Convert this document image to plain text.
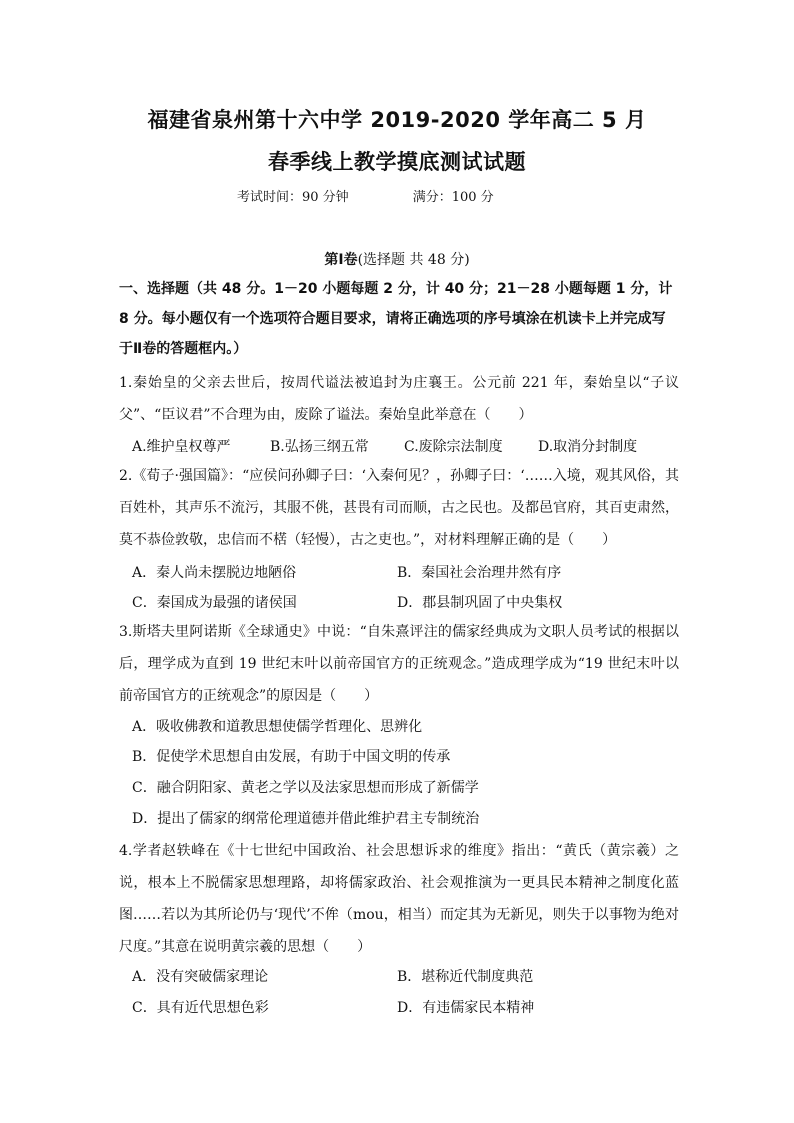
福建省泉州第十六中学 2019-2020 学年高二 5 月
春季线上教学摸底测试试题
考试时间：90 分钟	满分：100 分
第Ⅰ卷(选择题 共 48 分)
一、选择题（共 48 分。1－20 小题每题 2 分，计 40 分；21－28 小题每题 1 分，计 8 分。每小题仅有一个选项符合题目要求，请将正确选项的序号填涂在机读卡上并完成写于Ⅱ卷的答题框内。）
1.秦始皇的父亲去世后，按周代谥法被追封为庄襄王。公元前 221 年，秦始皇以“子议父”、“臣议君”不合理为由，废除了谥法。秦始皇此举意在（　　）
A.维护皇权尊严	B.弘扬三纲五常	C.废除宗法制度	D.取消分封制度
2.《荀子·强国篇》：“应侯问孙卿子曰：‘入秦何见？，孙卿子曰：‘……入境，观其风俗，其百姓朴，其声乐不流污，其服不佻，甚畏有司而顺，古之民也。及都邑官府，其百吏肃然，莫不恭俭敦敬，忠信而不楛（轻慢），古之吏也。”，对材料理解正确的是（　　）
A．秦人尚未摆脱边地陋俗	B．秦国社会治理井然有序
C．秦国成为最强的诸侯国	D．郡县制巩固了中央集权
3.斯塔夫里阿诺斯《全球通史》中说：“自朱熹评注的儒家经典成为文职人员考试的根据以后，理学成为直到 19 世纪末叶以前帝国官方的正统观念。”造成理学成为“19 世纪末叶以前帝国官方的正统观念”的原因是（　　）
A．吸收佛教和道教思想使儒学哲理化、思辨化
B．促使学术思想自由发展，有助于中国文明的传承
C．融合阴阳家、黄老之学以及法家思想而形成了新儒学
D．提出了儒家的纲常伦理道德并借此维护君主专制统治
4.学者赵轶峰在《十七世纪中国政治、社会思想诉求的维度》指出：“黄氏（黄宗羲）之说，根本上不脱儒家思想理路，却将儒家政治、社会观推演为一更具民本精神之制度化蓝图……若以为其所论仍与‘现代’不侔（mou，相当）而定其为无新见，则失于以事物为绝对尺度。”其意在说明黄宗羲的思想（　　）
A．没有突破儒家理论	B．堪称近代制度典范
C．具有近代思想色彩	D．有违儒家民本精神
